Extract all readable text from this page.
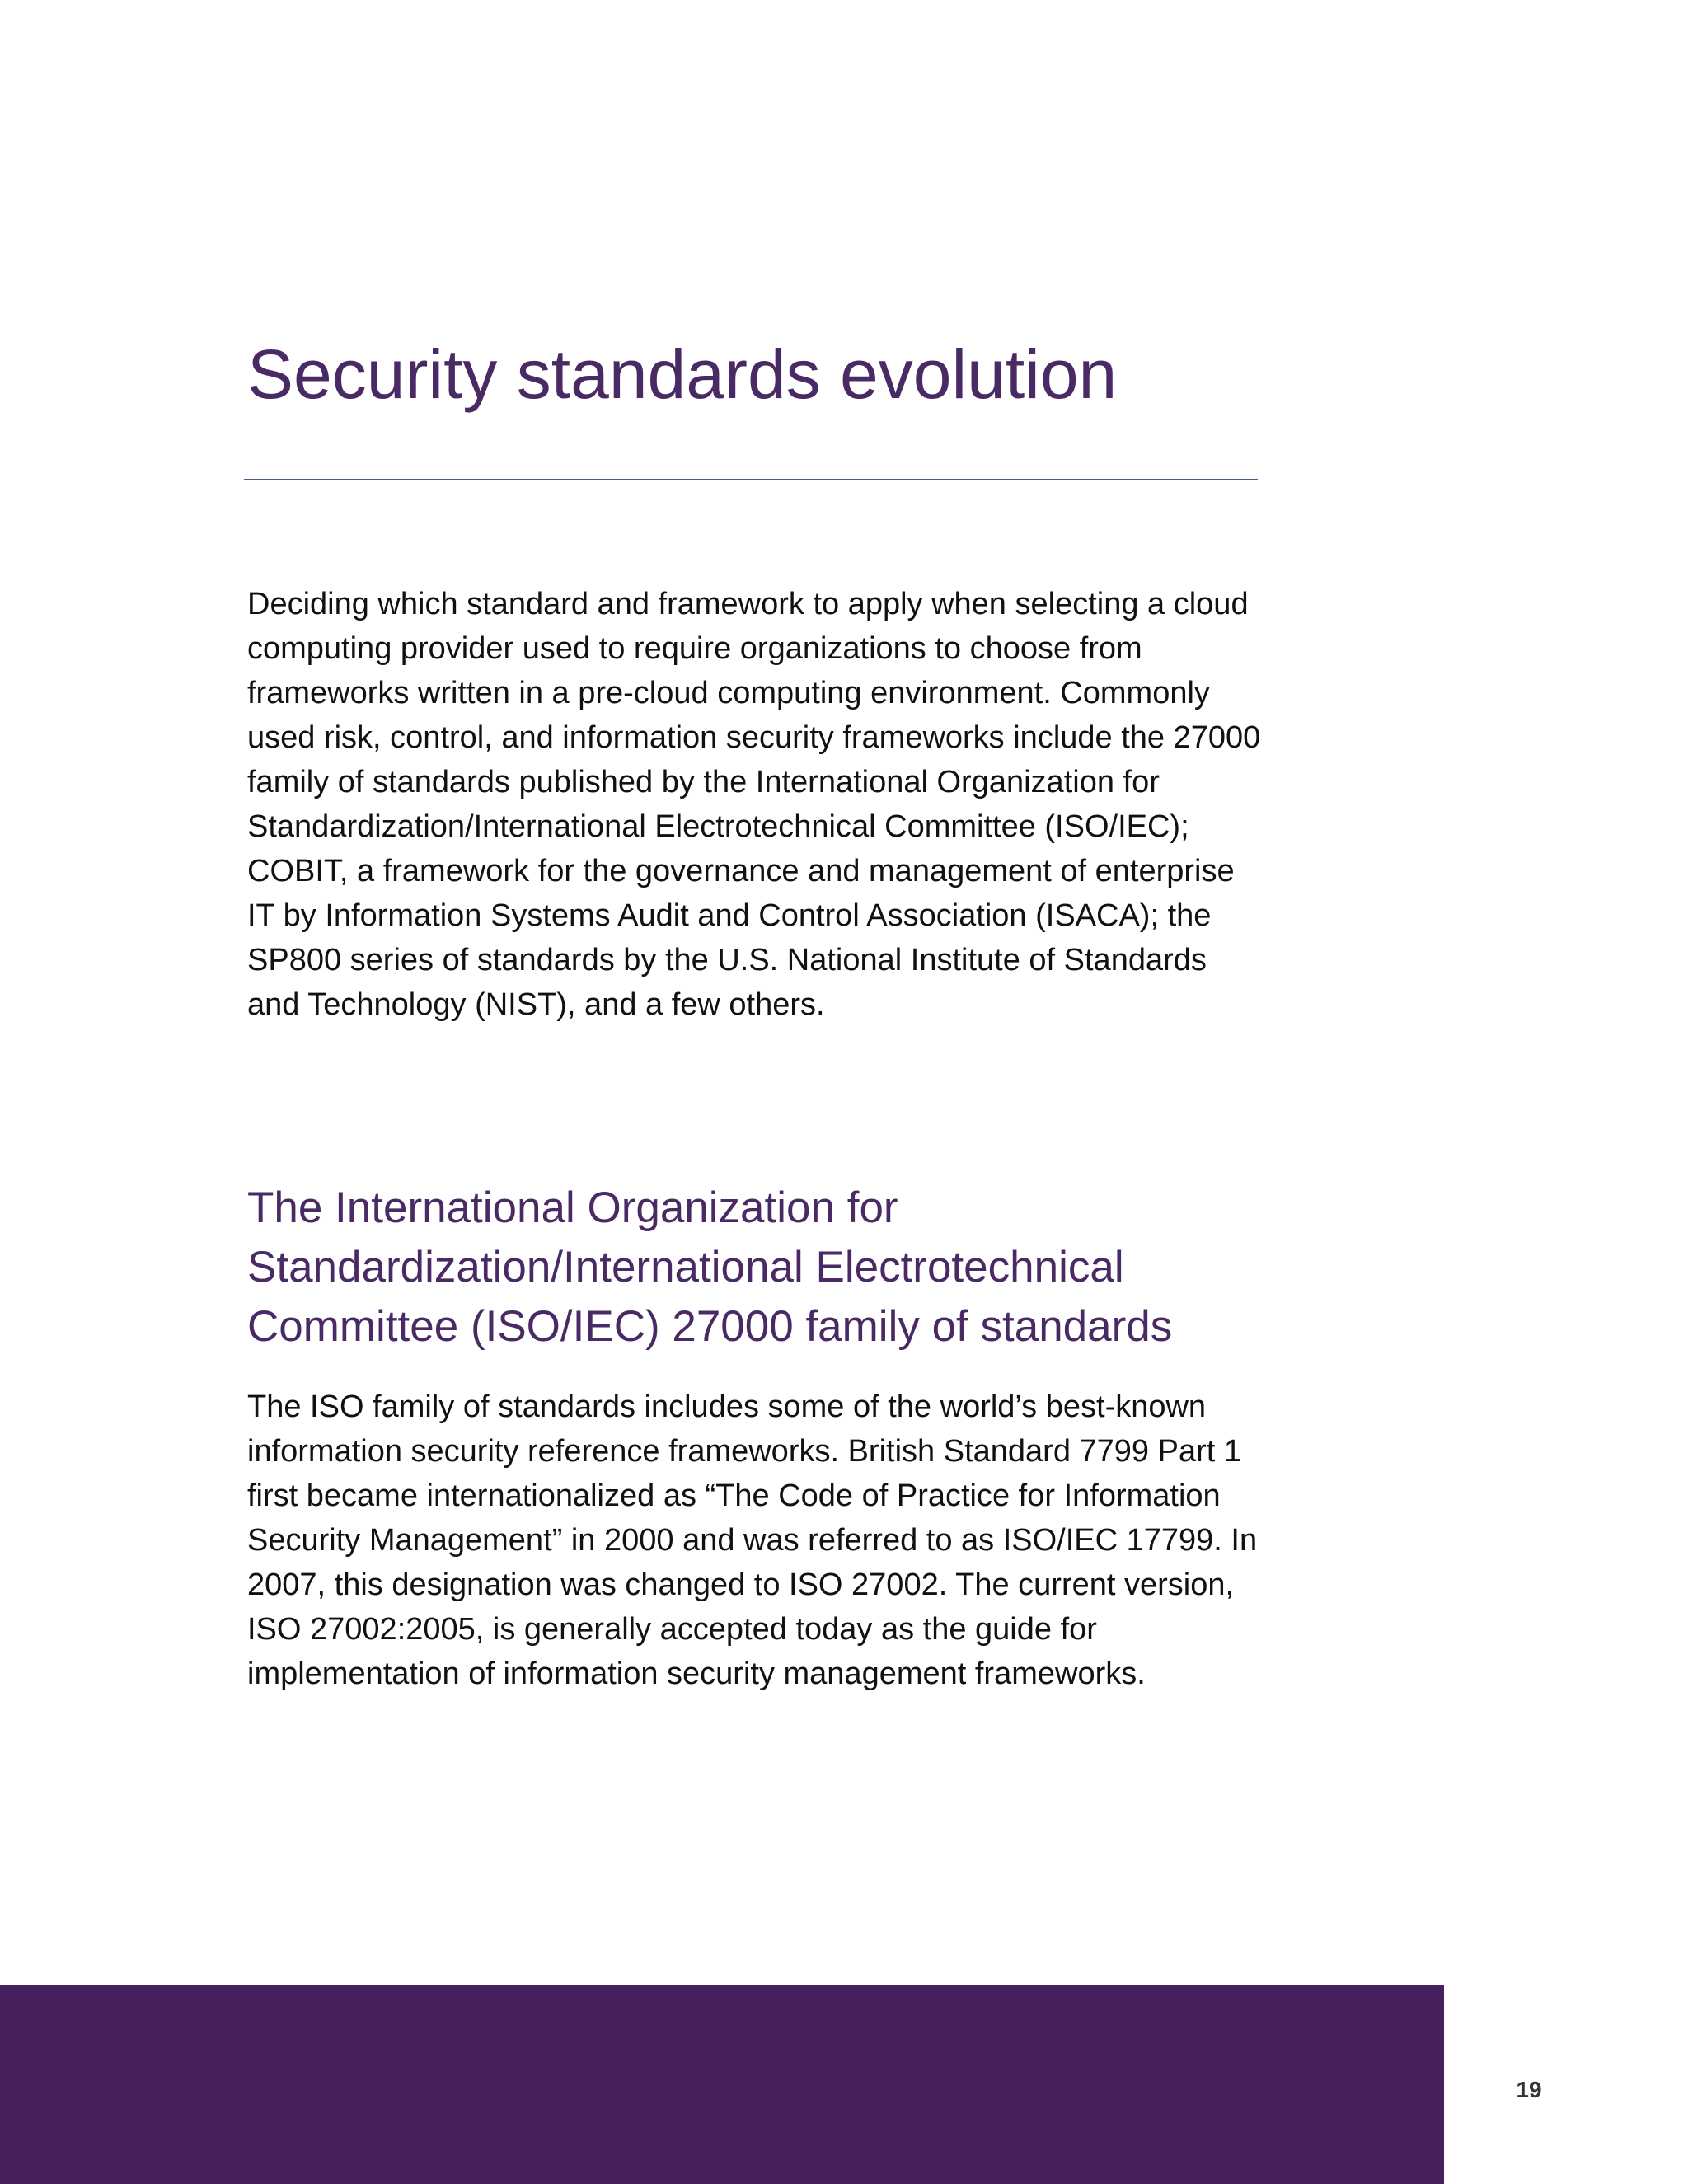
Security standards evolution

Deciding which standard and framework to apply when selecting a cloud computing provider used to require organizations to choose from frameworks written in a pre-cloud computing environment. Commonly used risk, control, and information security frameworks include the 27000 family of standards published by the International Organization for Standardization/International Electrotechnical Committee (ISO/IEC); COBIT, a framework for the governance and management of enterprise IT by Information Systems Audit and Control Association (ISACA); the SP800 series of standards by the U.S. National Institute of Standards and Technology (NIST), and a few others.

The International Organization for Standardization/International Electrotechnical Committee (ISO/IEC) 27000 family of standards

The ISO family of standards includes some of the world’s best-known information security reference frameworks. British Standard 7799 Part 1 first became internationalized as “The Code of Practice for Information Security Management” in 2000 and was referred to as ISO/IEC 17799. In 2007, this designation was changed to ISO 27002. The current version, ISO 27002:2005, is generally accepted today as the guide for implementation of information security management frameworks.

19
